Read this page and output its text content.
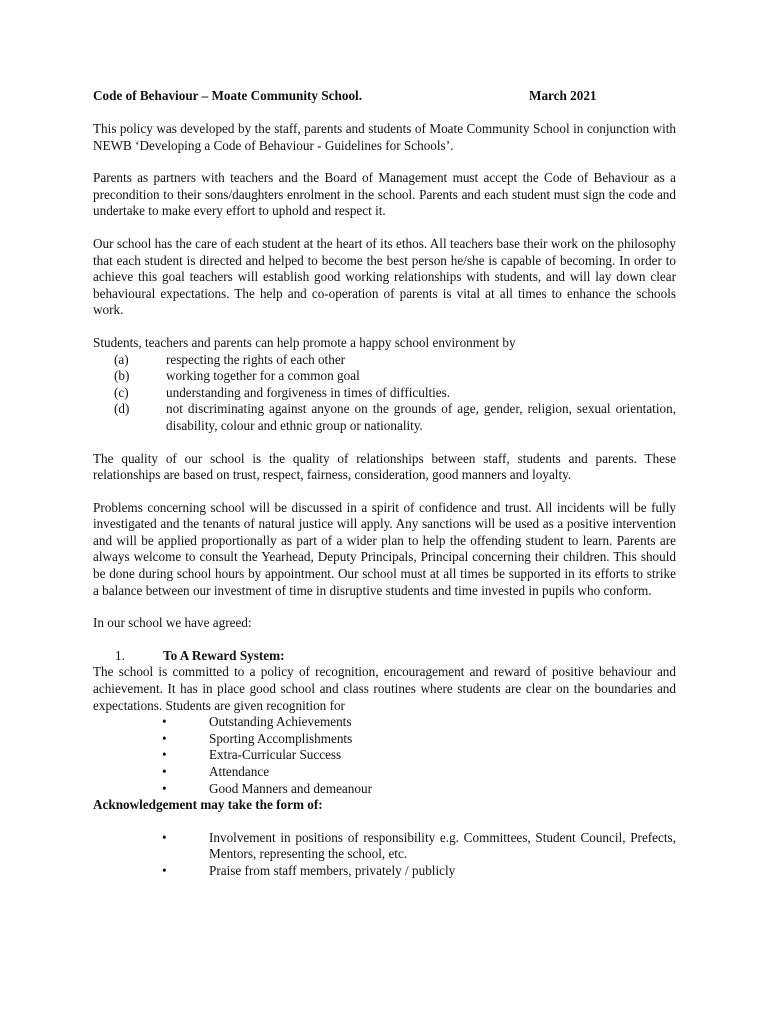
Code of Behaviour – Moate Community School.	March 2021

This policy was developed by the staff, parents and students of Moate Community School in conjunction with NEWB ‘Developing a Code of Behaviour - Guidelines for Schools’.

Parents as partners with teachers and the Board of Management must accept the Code of Behaviour as a precondition to their sons/daughters enrolment in the school. Parents and each student must sign the code and undertake to make every effort to uphold and respect it.

Our school has the care of each student at the heart of its ethos. All teachers base their work on the philosophy that each student is directed and helped to become the best person he/she is capable of becoming. In order to achieve this goal teachers will establish good working relationships with students, and will lay down clear behavioural expectations. The help and co-operation of parents is vital at all times to enhance the schools work.

Students, teachers and parents can help promote a happy school environment by

(a)	respecting the rights of each other
(b)	working together for a common goal
(c)	understanding and forgiveness in times of difficulties.
(d)	not discriminating against anyone on the grounds of age, gender, religion, sexual orientation, disability, colour and ethnic group or nationality.

The quality of our school is the quality of relationships between staff, students and parents. These relationships are based on trust, respect, fairness, consideration, good manners and loyalty.

Problems concerning school will be discussed in a spirit of confidence and trust. All incidents will be fully investigated and the tenants of natural justice will apply. Any sanctions will be used as a positive intervention and will be applied proportionally as part of a wider plan to help the offending student to learn. Parents are always welcome to consult the Yearhead, Deputy Principals, Principal concerning their children. This should be done during school hours by appointment. Our school must at all times be supported in its efforts to strike a balance between our investment of time in disruptive students and time invested in pupils who conform.

In our school we have agreed:

1.	To A Reward System:

The school is committed to a policy of recognition, encouragement and reward of positive behaviour and achievement. It has in place good school and class routines where students are clear on the boundaries and expectations. Students are given recognition for

•	Outstanding Achievements
•	Sporting Accomplishments
•	Extra-Curricular Success
•	Attendance
•	Good Manners and demeanour
Acknowledgement may take the form of:
•	Involvement in positions of responsibility e.g. Committees, Student Council, Prefects, Mentors, representing the school, etc.
•	Praise from staff members, privately / publicly
